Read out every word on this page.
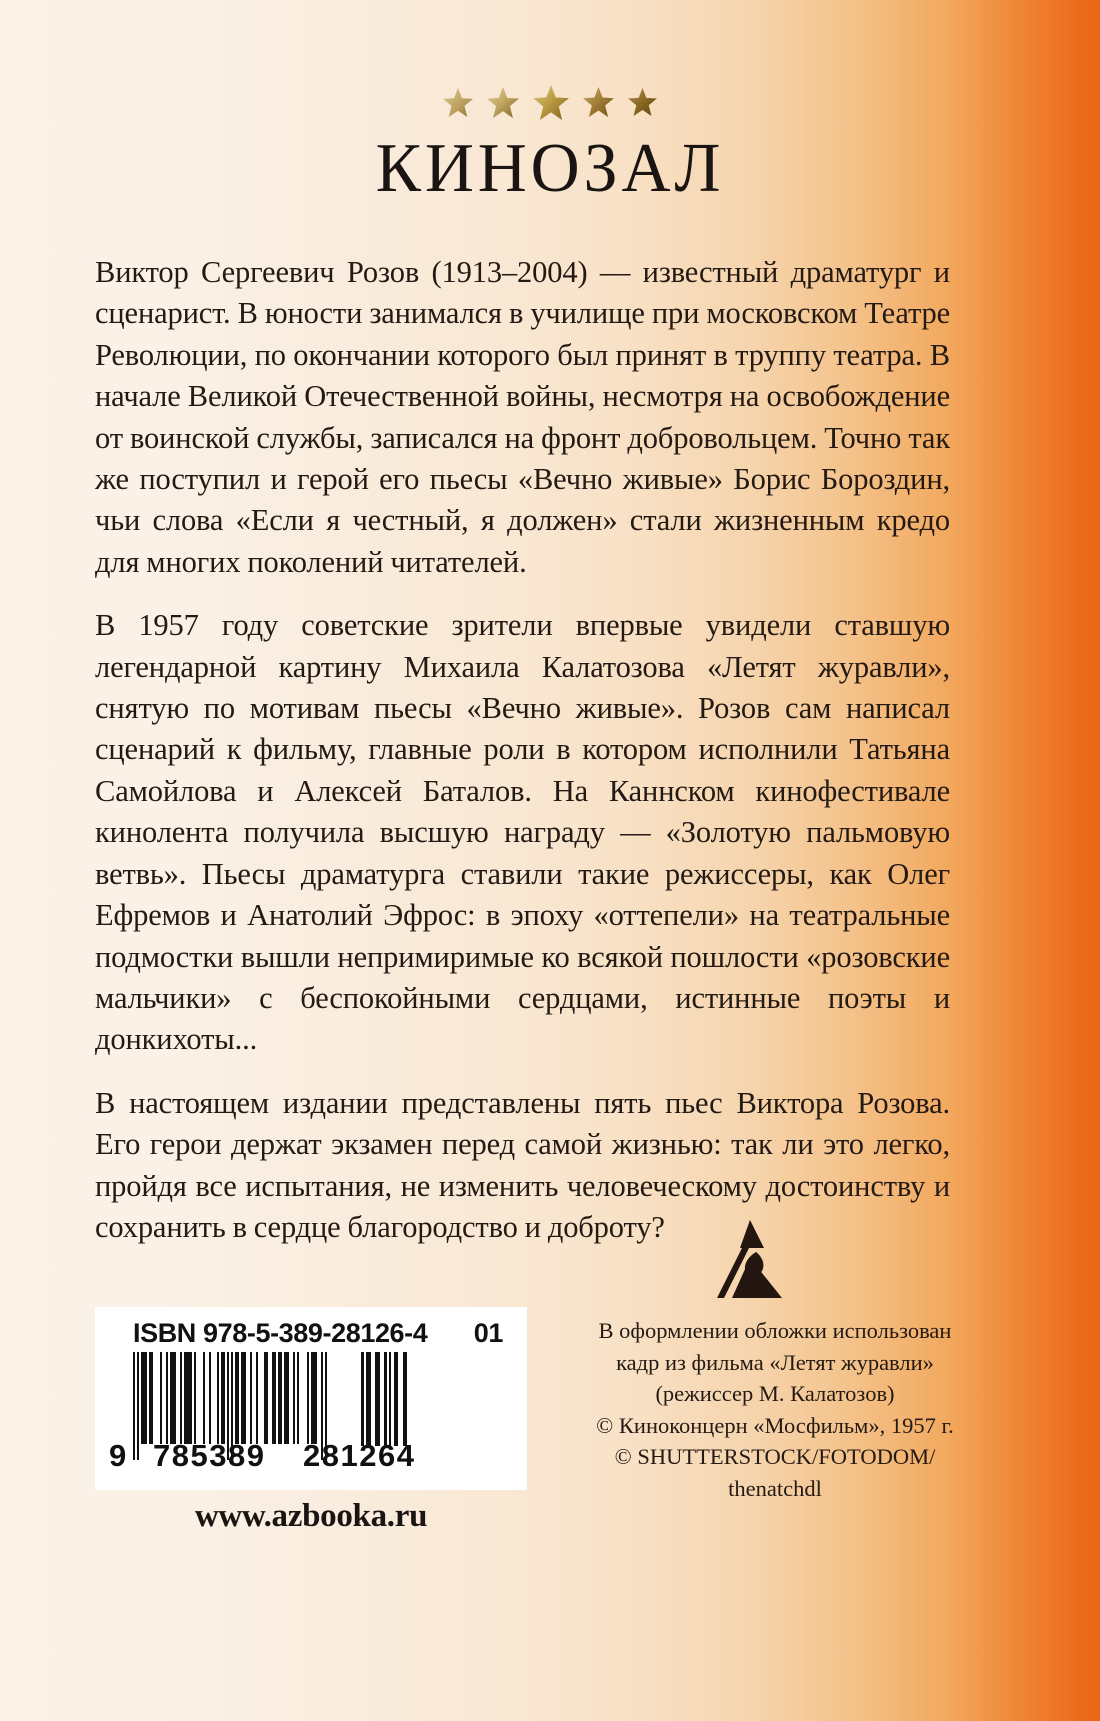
КИНОЗАЛ

Виктор Сергеевич Розов (1913–2004) — известный драматург и сценарист. В юности занимался в училище при московском Театре Революции, по окончании которого был принят в труппу театра. В начале Великой Отечественной войны, несмотря на освобождение от воинской службы, записался на фронт добровольцем. Точно так же поступил и герой его пьесы «Вечно живые» Борис Бороздин, чьи слова «Если я честный, я должен» стали жизненным кредо для многих поколений читателей.

В 1957 году советские зрители впервые увидели ставшую легендарной картину Михаила Калатозова «Летят журавли», снятую по мотивам пьесы «Вечно живые». Розов сам написал сценарий к фильму, главные роли в котором исполнили Татьяна Самойлова и Алексей Баталов. На Каннском кинофестивале кинолента получила высшую награду — «Золотую пальмовую ветвь». Пьесы драматурга ставили такие режиссеры, как Олег Ефремов и Анатолий Эфрос: в эпоху «оттепели» на театральные подмостки вышли непримиримые ко всякой пошлости «розовские мальчики» с беспокойными сердцами, истинные поэты и донкихоты...

В настоящем издании представлены пять пьес Виктора Розова. Его герои держат экзамен перед самой жизнью: так ли это легко, пройдя все испытания, не изменить человеческому достоинству и сохранить в сердце благородство и доброту?

В оформлении обложки использован
кадр из фильма «Летят журавли»
(режиссер М. Калатозов)
© Киноконцерн «Мосфильм», 1957 г.
© SHUTTERSTOCK/FOTODOM/
thenatchdl
ISBN 978-5-389-28126-4 01
9 785389 281264
www.azbooka.ru
